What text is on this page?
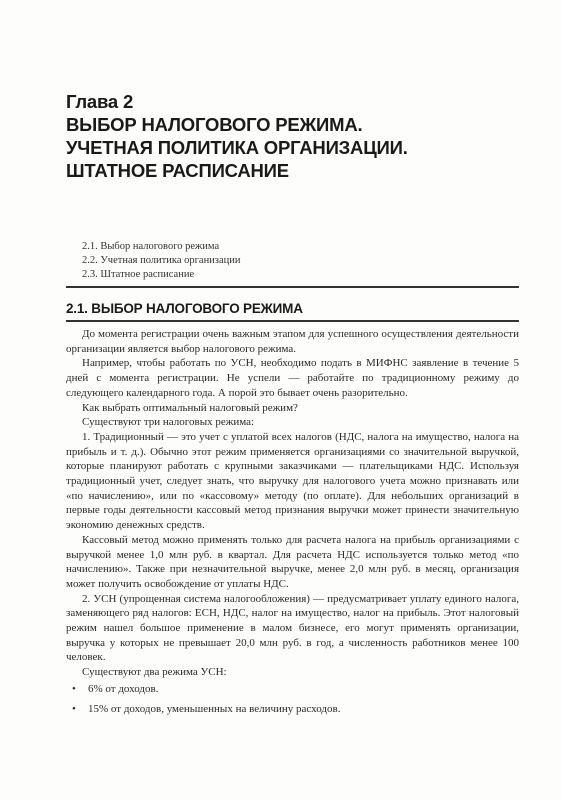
Глава 2
ВЫБОР НАЛОГОВОГО РЕЖИМА.
УЧЕТНАЯ ПОЛИТИКА ОРГАНИЗАЦИИ.
ШТАТНОЕ РАСПИСАНИЕ
2.1. Выбор налогового режима
2.2. Учетная политика организации
2.3. Штатное расписание
2.1. ВЫБОР НАЛОГОВОГО РЕЖИМА

До момента регистрации очень важным этапом для успешного осуществления деятельности организации является выбор налогового режима.

Например, чтобы работать по УСН, необходимо подать в МИФНС заявление в течение 5 дней с момента регистрации. Не успели — работайте по традиционному режиму до следующего календарного года. А порой это бывает очень разорительно.

Как выбрать оптимальный налоговый режим?

Существуют три налоговых режима:

1. Традиционный — это учет с уплатой всех налогов (НДС, налога на имущество, налога на прибыль и т. д.). Обычно этот режим применяется организациями со значительной выручкой, которые планируют работать с крупными заказчиками — плательщиками НДС. Используя традиционный учет, следует знать, что выручку для налогового учета можно признавать или «по начислению», или по «кассовому» методу (по оплате). Для небольших организаций в первые годы деятельности кассовый метод признания выручки может принести значительную экономию денежных средств.

Кассовый метод можно применять только для расчета налога на прибыль организациями с выручкой менее 1,0 млн руб. в квартал. Для расчета НДС используется только метод «по начислению». Также при незначительной выручке, менее 2,0 млн руб. в месяц, организация может получить освобождение от уплаты НДС.

2. УСН (упрощенная система налогообложения) — предусматривает уплату единого налога, заменяющего ряд налогов: ЕСН, НДС, налог на имущество, налог на прибыль. Этот налоговый режим нашел большое применение в малом бизнесе, его могут применять организации, выручка у которых не превышает 20,0 млн руб. в год, а численность работников менее 100 человек.

Существуют два режима УСН:

• 6% от доходов.
• 15% от доходов, уменьшенных на величину расходов.
